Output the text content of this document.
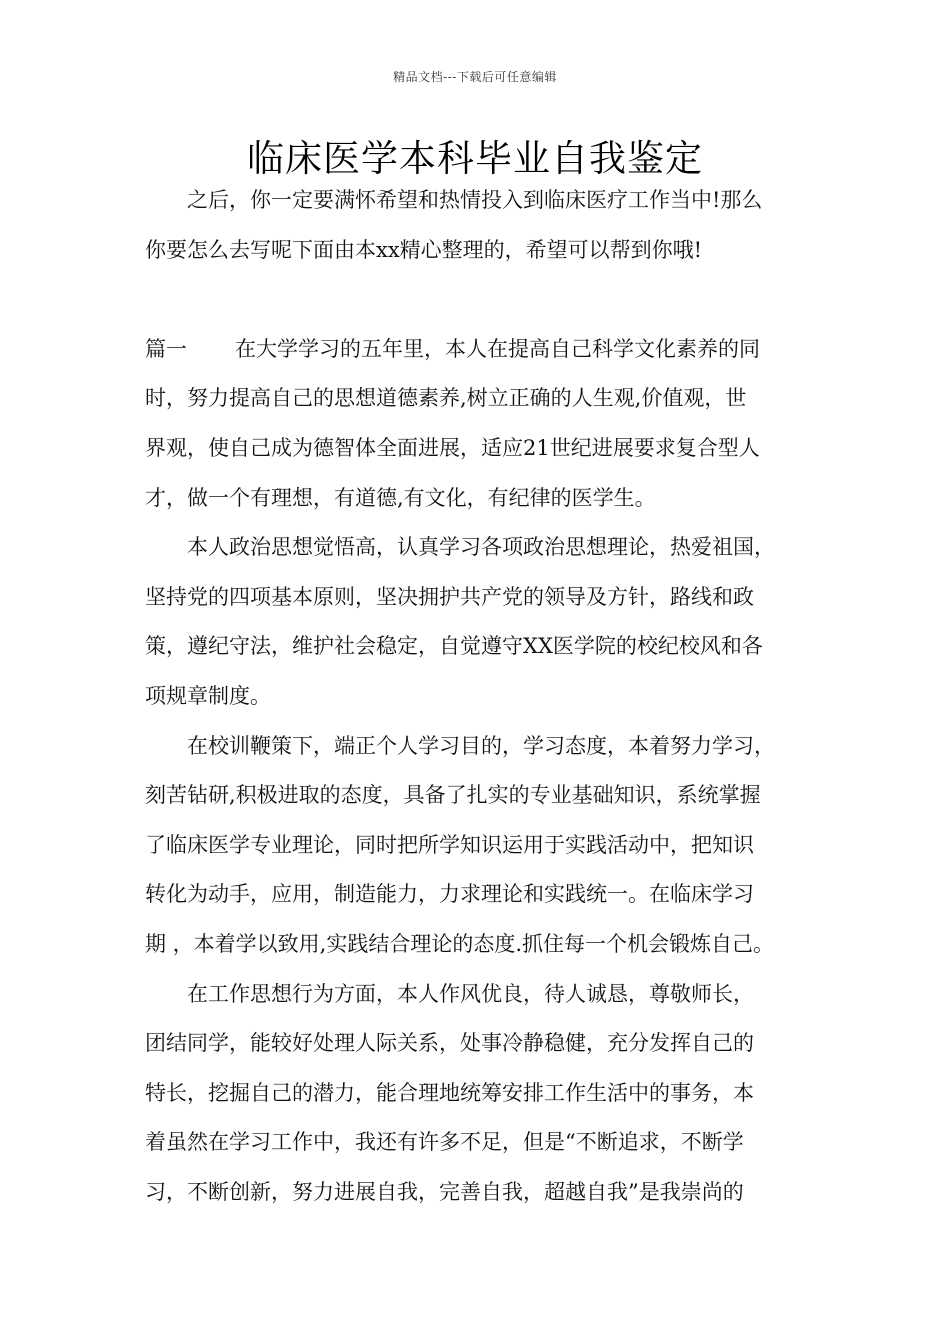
精品文档---下载后可任意编辑
临床医学本科毕业自我鉴定
之后，你一定要满怀希望和热情投入到临床医疗工作当中!那么
你要怎么去写呢下面由本xx精心整理的，希望可以帮到你哦!
篇一 在大学学习的五年里，本人在提高自己科学文化素养的同
时，努力提高自己的思想道德素养,树立正确的人生观,价值观，世
界观，使自己成为德智体全面进展，适应21世纪进展要求复合型人
才，做一个有理想，有道德,有文化，有纪律的医学生。
本人政治思想觉悟高，认真学习各项政治思想理论，热爱祖国，
坚持党的四项基本原则，坚决拥护共产党的领导及方针，路线和政
策，遵纪守法，维护社会稳定，自觉遵守XX医学院的校纪校风和各
项规章制度。
在校训鞭策下，端正个人学习目的，学习态度，本着努力学习，
刻苦钻研,积极进取的态度，具备了扎实的专业基础知识，系统掌握
了临床医学专业理论，同时把所学知识运用于实践活动中，把知识
转化为动手，应用，制造能力，力求理论和实践统一。在临床学习
期 ，本着学以致用,实践结合理论的态度.抓住每一个机会锻炼自己。
在工作思想行为方面，本人作风优良，待人诚恳，尊敬师长，
团结同学，能较好处理人际关系，处事冷静稳健，充分发挥自己的
特长，挖掘自己的潜力，能合理地统筹安排工作生活中的事务，本
着虽然在学习工作中，我还有许多不足，但是“不断追求，不断学
习，不断创新，努力进展自我，完善自我，超越自我”是我崇尚的
